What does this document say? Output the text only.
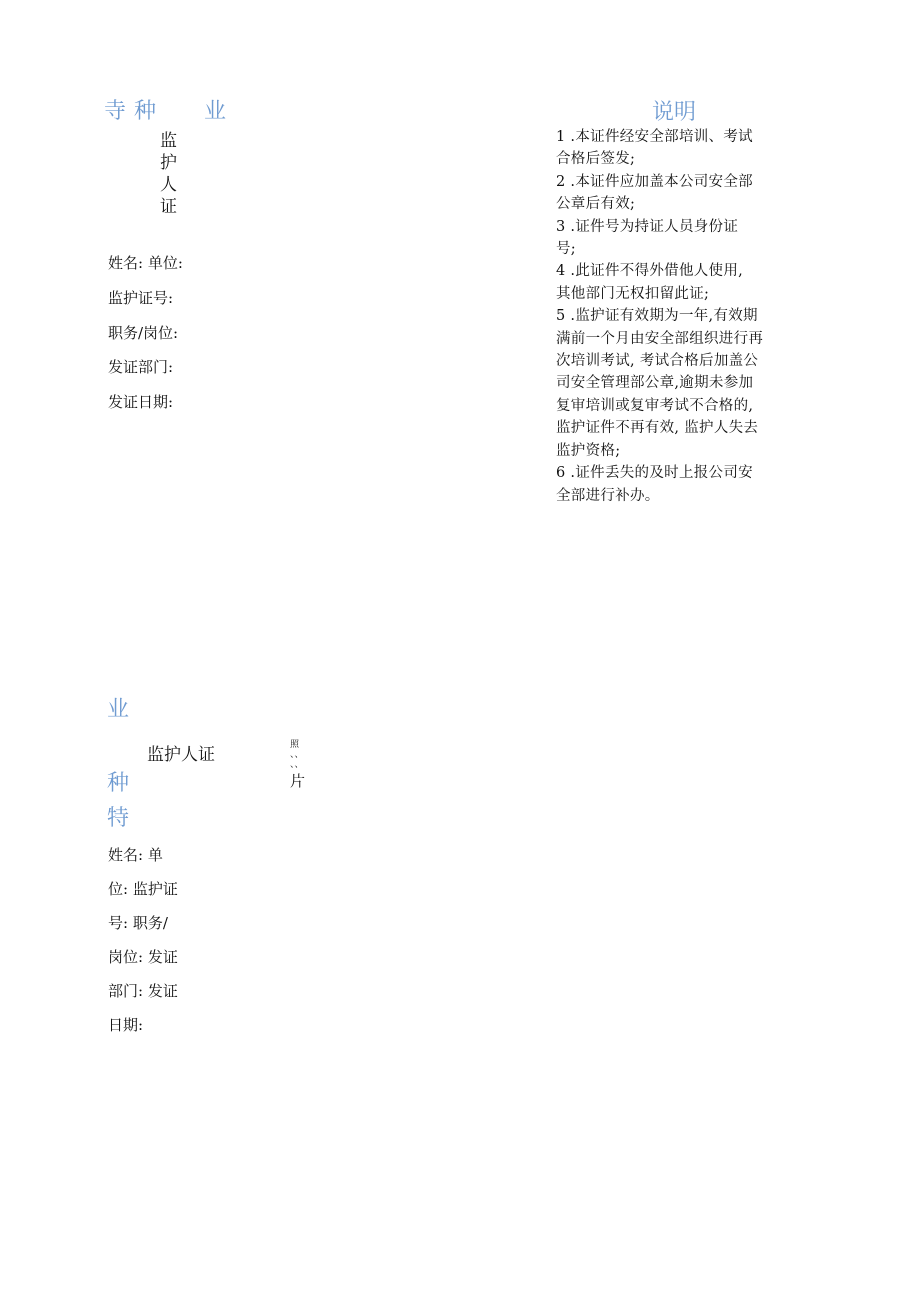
寺 种 业
监
护
人
证
姓名: 单位:
监护证号:
职务/岗位:
发证部门:
发证日期:
说明

1 .本证件经安全部培训、考试

合格后签发;

2 .本证件应加盖本公司安全部

公章后有效;

3 .证件号为持证人员身份证

号;

4 .此证件不得外借他人使用,

其他部门无权扣留此证;

5 .监护证有效期为一年,有效期

满前一个月由安全部组织进行再

次培训考试, 考试合格后加盖公

司安全管理部公章,逾期未参加

复审培训或复审考试不合格的,

监护证件不再有效, 监护人失去

监护资格;

6 .证件丢失的及时上报公司安

全部进行补办。

业
种
特
监护人证	照
、、
、、
片
姓名: 单
位: 监护证
号: 职务/
岗位: 发证
部门: 发证
日期:
